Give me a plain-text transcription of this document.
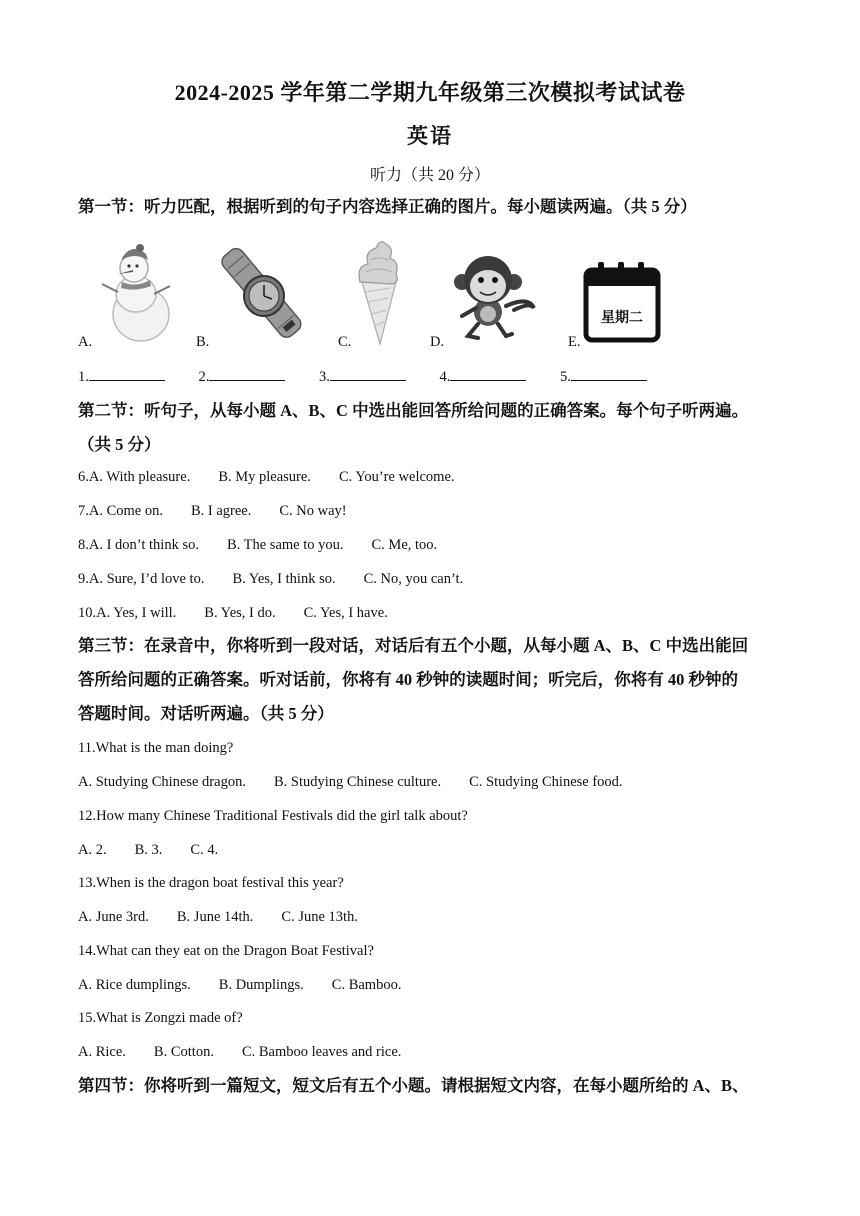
2024-2025 学年第二学期九年级第三次模拟考试试卷
英语
听力（共 20 分）
第一节：听力匹配，根据听到的句子内容选择正确的图片。每小题读两遍。（共 5 分）
A.	B.	C.	D.	E.
星期二
1.	2.	3.	4.	5.
第二节：听句子，从每小题 A、B、C 中选出能回答所给问题的正确答案。每个句子听两遍。
（共 5 分）
6.A. With pleasure. B. My pleasure. C. You’re welcome.
7.A. Come on. B. I agree. C. No way!
8.A. I don’t think so. B. The same to you. C. Me, too.
9.A. Sure, I’d love to. B. Yes, I think so. C. No, you can’t.
10.A. Yes, I will. B. Yes, I do. C. Yes, I have.
第三节：在录音中，你将听到一段对话，对话后有五个小题，从每小题 A、B、C 中选出能回
答所给问题的正确答案。听对话前，你将有 40 秒钟的读题时间；听完后，你将有 40 秒钟的
答题时间。对话听两遍。（共 5 分）
11.What is the man doing?
A. Studying Chinese dragon. B. Studying Chinese culture. C. Studying Chinese food.
12.How many Chinese Traditional Festivals did the girl talk about?
A. 2. B. 3. C. 4.
13.When is the dragon boat festival this year?
A. June 3rd. B. June 14th. C. June 13th.
14.What can they eat on the Dragon Boat Festival?
A. Rice dumplings. B. Dumplings. C. Bamboo.
15.What is Zongzi made of?
A. Rice. B. Cotton. C. Bamboo leaves and rice.
第四节：你将听到一篇短文，短文后有五个小题。请根据短文内容，在每小题所给的 A、B、
